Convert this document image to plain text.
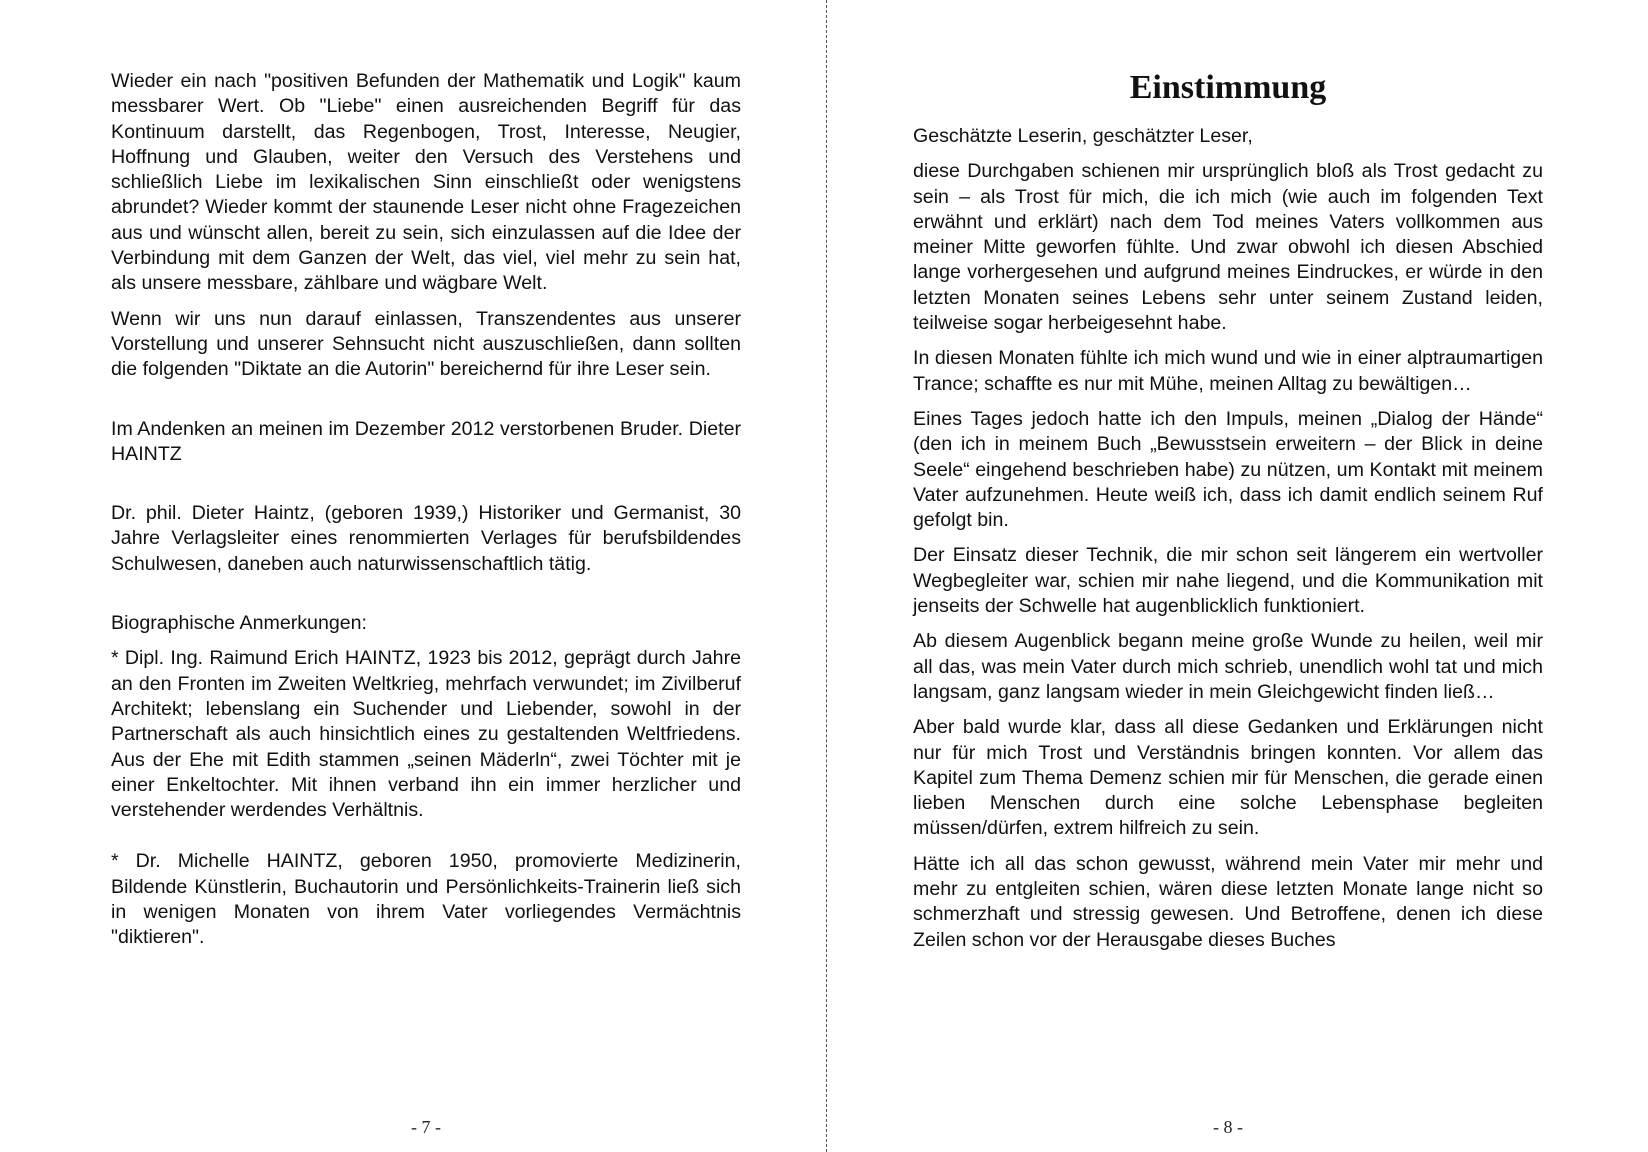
Wieder ein nach "positiven Befunden der Mathematik und Logik" kaum messbarer Wert. Ob "Liebe" einen ausreichenden Begriff für das Kontinuum darstellt, das Regenbogen, Trost, Interesse, Neugier, Hoffnung und Glauben, weiter den Versuch des Verstehens und schließlich Liebe im lexikalischen Sinn einschließt oder wenigstens abrundet? Wieder kommt der staunende Leser nicht ohne Fragezeichen aus und wünscht allen, bereit zu sein, sich einzulassen auf die Idee der Verbindung mit dem Ganzen der Welt, das viel, viel mehr zu sein hat, als unsere messbare, zählbare und wägbare Welt.

Wenn wir uns nun darauf einlassen, Transzendentes aus unserer Vorstellung und unserer Sehnsucht nicht auszuschließen, dann sollten die folgenden "Diktate an die Autorin" bereichernd für ihre Leser sein.

Im Andenken an meinen im Dezember 2012 verstorbenen Bruder. Dieter HAINTZ

Dr. phil. Dieter Haintz, (geboren 1939,) Historiker und Germanist, 30 Jahre Verlagsleiter eines renommierten Verlages für berufsbildendes Schulwesen, daneben auch naturwissenschaftlich tätig.

Biographische Anmerkungen:

* Dipl. Ing. Raimund Erich HAINTZ, 1923 bis 2012, geprägt durch Jahre an den Fronten im Zweiten Weltkrieg, mehrfach verwundet; im Zivilberuf Architekt; lebenslang ein Suchender und Liebender, sowohl in der Partnerschaft als auch hinsichtlich eines zu gestaltenden Weltfriedens. Aus der Ehe mit Edith stammen „seinen Mäderln“, zwei Töchter mit je einer Enkeltochter. Mit ihnen verband ihn ein immer herzlicher und verstehender werdendes Verhältnis.

* Dr. Michelle HAINTZ, geboren 1950, promovierte Medizinerin, Bildende Künstlerin, Buchautorin und Persönlichkeits-Trainerin ließ sich in wenigen Monaten von ihrem Vater vorliegendes Vermächtnis "diktieren".

- 7 -
Einstimmung

Geschätzte Leserin, geschätzter Leser,

diese Durchgaben schienen mir ursprünglich bloß als Trost gedacht zu sein – als Trost für mich, die ich mich (wie auch im folgenden Text erwähnt und erklärt) nach dem Tod meines Vaters vollkommen aus meiner Mitte geworfen fühlte. Und zwar obwohl ich diesen Abschied lange vorhergesehen und aufgrund meines Eindruckes, er würde in den letzten Monaten seines Lebens sehr unter seinem Zustand leiden, teilweise sogar herbeigesehnt habe.

In diesen Monaten fühlte ich mich wund und wie in einer alptraumartigen Trance; schaffte es nur mit Mühe, meinen Alltag zu bewältigen…

Eines Tages jedoch hatte ich den Impuls, meinen „Dialog der Hände“ (den ich in meinem Buch „Bewusstsein erweitern – der Blick in deine Seele“ eingehend beschrieben habe) zu nützen, um Kontakt mit meinem Vater aufzunehmen. Heute weiß ich, dass ich damit endlich seinem Ruf gefolgt bin.

Der Einsatz dieser Technik, die mir schon seit längerem ein wertvoller Wegbegleiter war, schien mir nahe liegend, und die Kommunikation mit jenseits der Schwelle hat augenblicklich funktioniert.

Ab diesem Augenblick begann meine große Wunde zu heilen, weil mir all das, was mein Vater durch mich schrieb, unendlich wohl tat und mich langsam, ganz langsam wieder in mein Gleichgewicht finden ließ…

Aber bald wurde klar, dass all diese Gedanken und Erklärungen nicht nur für mich Trost und Verständnis bringen konnten. Vor allem das Kapitel zum Thema Demenz schien mir für Menschen, die gerade einen lieben Menschen durch eine solche Lebensphase begleiten müssen/dürfen, extrem hilfreich zu sein.

Hätte ich all das schon gewusst, während mein Vater mir mehr und mehr zu entgleiten schien, wären diese letzten Monate lange nicht so schmerzhaft und stressig gewesen. Und Betroffene, denen ich diese Zeilen schon vor der Herausgabe dieses Buches

- 8 -
